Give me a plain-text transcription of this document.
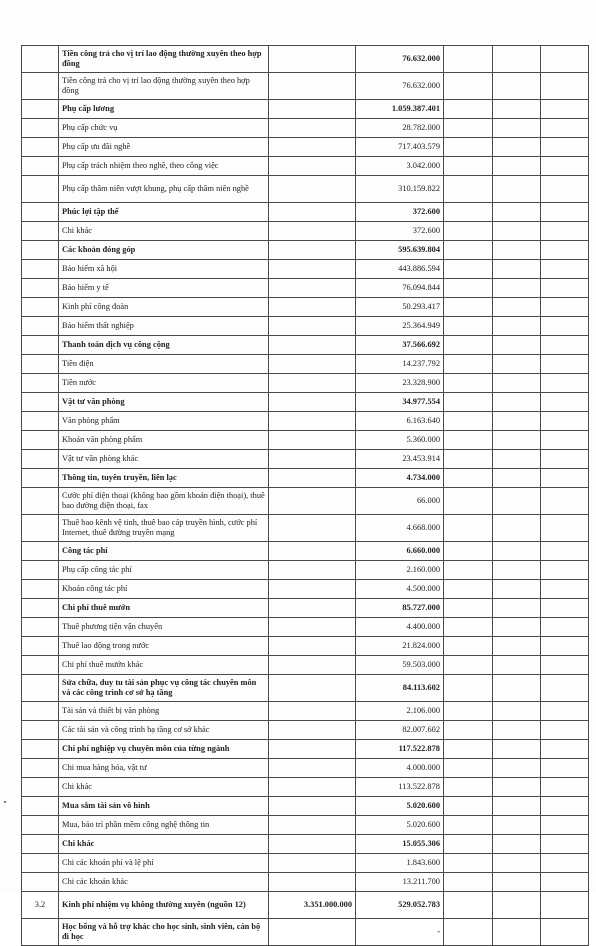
	Tiền công trả cho vị trí lao động thường xuyên theo hợp đồng		76.632.000			
	Tiền công trả cho vị trí lao động thường xuyên theo hợp đồng		76.632.000			
	Phụ cấp lương		1.059.387.401			
	Phụ cấp chức vụ		28.782.000			
	Phụ cấp ưu đãi nghề		717.403.579			
	Phụ cấp trách nhiệm theo nghề, theo công việc		3.042.000			
	Phụ cấp thâm niên vượt khung, phụ cấp thâm niên nghề		310.159.822			
	Phúc lợi tập thể		372.600			
	Chi khác		372.600			
	Các khoản đóng góp		595.639.804			
	Bảo hiểm xã hội		443.886.594			
	Bảo hiểm y tế		76.094.844			
	Kinh phí công đoàn		50.293.417			
	Bảo hiểm thất nghiệp		25.364.949			
	Thanh toán dịch vụ công cộng		37.566.692			
	Tiền điện		14.237.792			
	Tiền nước		23.328.900			
	Vật tư văn phòng		34.977.554			
	Văn phòng phẩm		6.163.640			
	Khoán văn phòng phẩm		5.360.000			
	Vật tư văn phòng khác		23.453.914			
	Thông tin, tuyên truyền, liên lạc		4.734.000			
	Cước phí điện thoại (không bao gồm khoán điện thoại), thuê bao đường điện thoại, fax		66.000			
	Thuê bao kênh vệ tinh, thuê bao cáp truyền hình, cước phí Internet, thuê đường truyền mạng		4.668.000			
	Công tác phí		6.660.000			
	Phụ cấp công tác phí		2.160.000			
	Khoán công tác phí		4.500.000			
	Chi phí thuê mướn		85.727.000			
	Thuê phương tiện vận chuyển		4.400.000			
	Thuê lao động trong nước		21.824.000			
	Chi phí thuê mướn khác		59.503.000			
	Sửa chữa, duy tu tài sản phục vụ công tác chuyên môn và các công trình cơ sở hạ tầng		84.113.602			
	Tài sản và thiết bị văn phòng		2.106.000			
	Các tài sản và công trình hạ tầng cơ sở khác		82.007.602			
	Chi phí nghiệp vụ chuyên môn của từng ngành		117.522.878			
	Chi mua hàng hóa, vật tư		4.000.000			
	Chi khác		113.522.878			
	Mua sắm tài sản vô hình		5.020.600			
	Mua, bảo trì phần mềm công nghệ thông tin		5.020.600			
	Chi khác		15.055.306			
	Chi các khoản phí và lệ phí		1.843.600			
	Chi các khoản khác		13.211.700			
3.2	Kinh phí nhiệm vụ không thường xuyên (nguồn 12)	3.351.000.000	529.052.783			
	Học bổng và hỗ trợ khác cho học sinh, sinh viên, cán bộ đi học		-			
